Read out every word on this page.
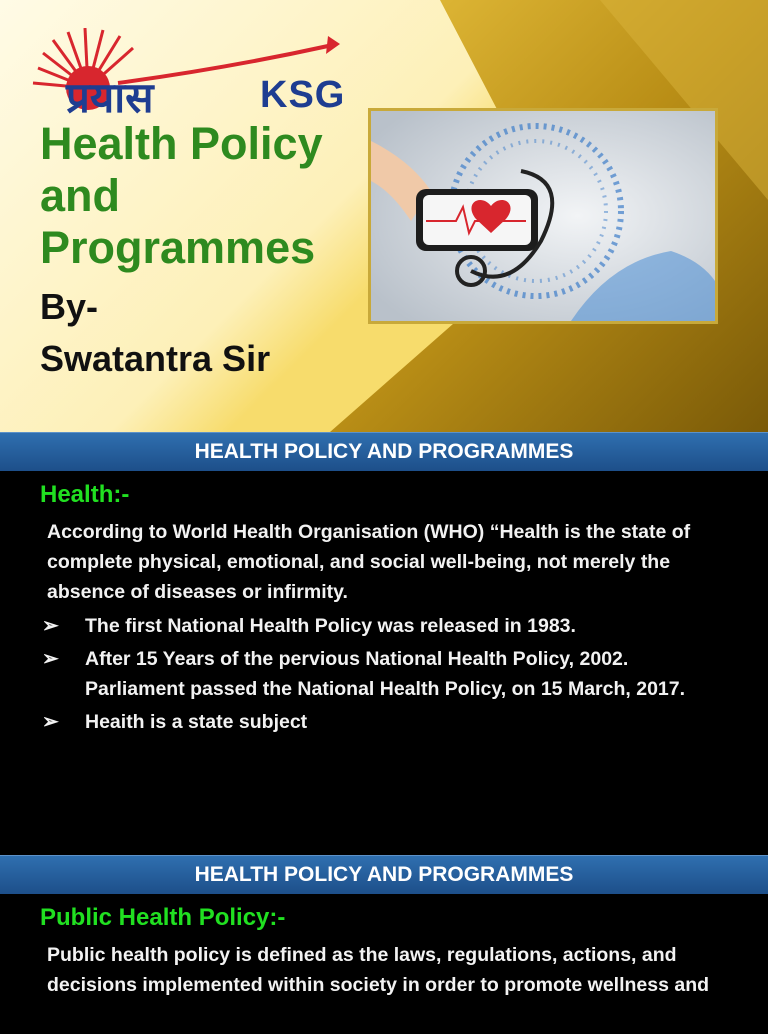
प्रयास	KSG
Health Policy
and
Programmes
By-
Swatantra Sir
HEALTH POLICY AND PROGRAMMES
Health:-

According to World Health Organisation (WHO) “Health is the state of complete physical, emotional, and social well-being, not merely the absence of diseases or infirmity.

➢ The first National Health Policy was released in 1983.
➢ After 15 Years of the pervious National Health Policy, 2002. Parliament passed the National Health Policy, on 15 March, 2017.
➢ Heaith is a state subject
HEALTH POLICY AND PROGRAMMES
Public Health Policy:-

Public health policy is defined as the laws, regulations, actions, and decisions implemented within society in order to promote wellness and
